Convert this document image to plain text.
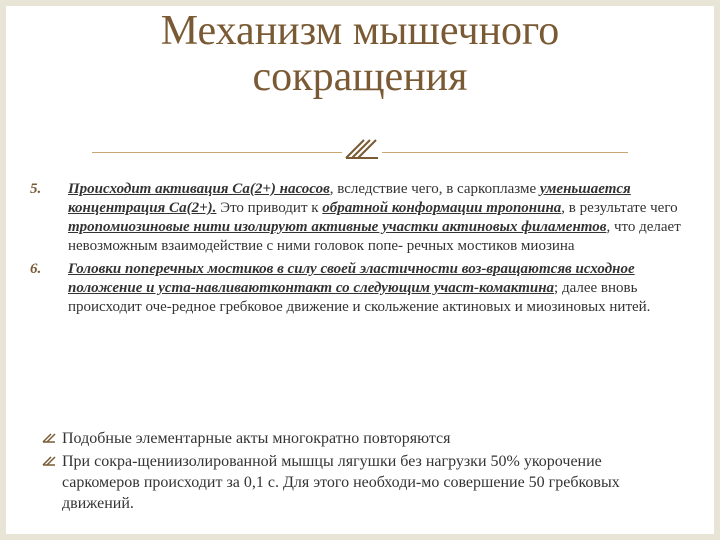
Механизм мышечного сокращения
5. Происходит активация Са(2+) насосов, вследствие чего, в саркоплазме уменьшается концентрация Са(2+). Это приводит к обратной конформации тропонина, в результате чего тропомиозиновые нити изолируют активные участки актиновых филаментов, что делает невозможным взаимодействие с ними головок попе- речных мостиков миозина
6. Головки поперечных мостиков в силу своей эластичности воз-вращаютсяв исходное положение и уста-навливаютконтакт со следующим участ-комактина; далее вновь происходит оче-редное гребковое движение и скольжение актиновых и миозиновых нитей.
Подобные элементарные акты многократно повторяются
При сокра-щениизолированной мышцы лягушки без нагрузки 50% укорочение саркомеров происходит за 0,1 с. Для этого необходи-мо совершение 50 гребковых движений.
